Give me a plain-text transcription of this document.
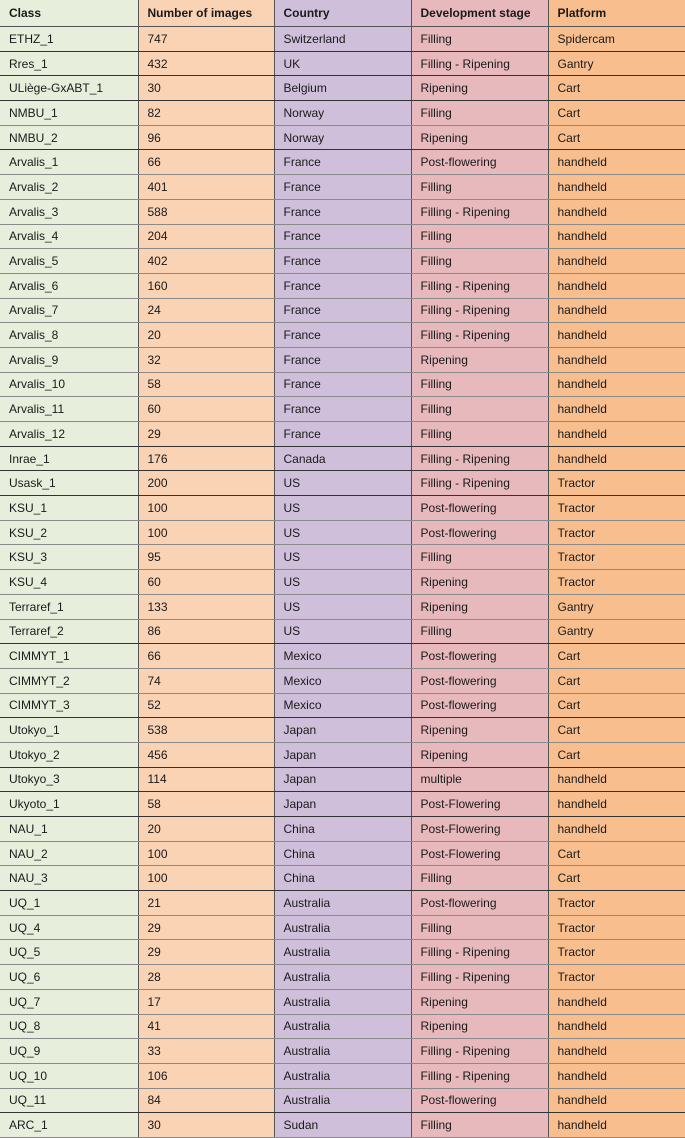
Class	Number of images	Country	Development stage	Platform
ETHZ_1	747	Switzerland	Filling	Spidercam
Rres_1	432	UK	Filling - Ripening	Gantry
ULiège-GxABT_1	30	Belgium	Ripening	Cart
NMBU_1	82	Norway	Filling	Cart
NMBU_2	96	Norway	Ripening	Cart
Arvalis_1	66	France	Post-flowering	handheld
Arvalis_2	401	France	Filling	handheld
Arvalis_3	588	France	Filling - Ripening	handheld
Arvalis_4	204	France	Filling	handheld
Arvalis_5	402	France	Filling	handheld
Arvalis_6	160	France	Filling - Ripening	handheld
Arvalis_7	24	France	Filling - Ripening	handheld
Arvalis_8	20	France	Filling - Ripening	handheld
Arvalis_9	32	France	Ripening	handheld
Arvalis_10	58	France	Filling	handheld
Arvalis_11	60	France	Filling	handheld
Arvalis_12	29	France	Filling	handheld
Inrae_1	176	Canada	Filling - Ripening	handheld
Usask_1	200	US	Filling - Ripening	Tractor
KSU_1	100	US	Post-flowering	Tractor
KSU_2	100	US	Post-flowering	Tractor
KSU_3	95	US	Filling	Tractor
KSU_4	60	US	Ripening	Tractor
Terraref_1	133	US	Ripening	Gantry
Terraref_2	86	US	Filling	Gantry
CIMMYT_1	66	Mexico	Post-flowering	Cart
CIMMYT_2	74	Mexico	Post-flowering	Cart
CIMMYT_3	52	Mexico	Post-flowering	Cart
Utokyo_1	538	Japan	Ripening	Cart
Utokyo_2	456	Japan	Ripening	Cart
Utokyo_3	114	Japan	multiple	handheld
Ukyoto_1	58	Japan	Post-Flowering	handheld
NAU_1	20	China	Post-Flowering	handheld
NAU_2	100	China	Post-Flowering	Cart
NAU_3	100	China	Filling	Cart
UQ_1	21	Australia	Post-flowering	Tractor
UQ_4	29	Australia	Filling	Tractor
UQ_5	29	Australia	Filling - Ripening	Tractor
UQ_6	28	Australia	Filling - Ripening	Tractor
UQ_7	17	Australia	Ripening	handheld
UQ_8	41	Australia	Ripening	handheld
UQ_9	33	Australia	Filling - Ripening	handheld
UQ_10	106	Australia	Filling - Ripening	handheld
UQ_11	84	Australia	Post-flowering	handheld
ARC_1	30	Sudan	Filling	handheld
